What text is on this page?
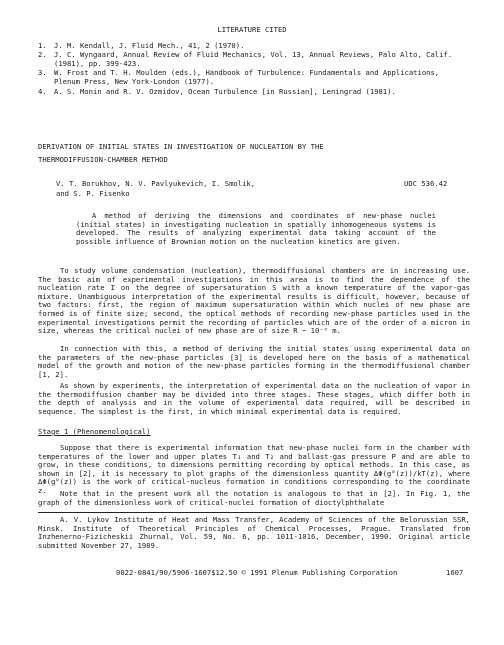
LITERATURE CITED
1. J. M. Kendall, J. Fluid Mech., 41, 2 (1970).
2. J. C. Wyngaard, Annual Review of Fluid Mechanics, Vol. 13, Annual Reviews, Palo Alto, Calif. (1981), pp. 399-423.
3. W. Frost and T. H. Moulden (eds.), Handbook of Turbulence: Fundamentals and Applications, Plenum Press, New York-London (1977).
4. A. S. Monin and R. V. Ozmidov, Ocean Turbulence [in Russian], Leningrad (1981).
DERIVATION OF INITIAL STATES IN INVESTIGATION OF NUCLEATION BY THE
THERMODIFFUSION-CHAMBER METHOD
V. T. Borukhov, N. V. Pavlyukevich, I. Smolik,
and S. P. Fisenko
UDC 536.42
A method of deriving the dimensions and coordinates of new-phase nuclei (initial states) in investigating nucleation in spatially inhomogeneous systems is developed. The results of analyzing experimental data taking account of the possible influence of Brownian motion on the nucleation kinetics are given.
To study volume condensation (nucleation), thermodiffusional chambers are in increasing use. The basic aim of experimental investigations in this area is to find the dependence of the nucleation rate I on the degree of supersaturation S with a known temperature of the vapor-gas mixture. Unambiguous interpretation of the experimental results is difficult, however, because of two factors: first, the region of maximum supersaturation within which nuclei of new phase are formed is of finite size; second, the optical methods of recording new-phase particles used in the experimental investigations permit the recording of particles which are of the order of a micron in size, whereas the critical nuclei of new phase are of size R ~ 10⁻⁹ m.
In connection with this, a method of deriving the initial states using experimental data on the parameters of the new-phase particles [3] is developed here on the basis of a mathematical model of the growth and motion of the new-phase particles forming in the thermodiffusional chamber [1, 2].
As shown by experiments, the interpretation of experimental data on the nucleation of vapor in the thermodiffusion chamber may be divided into three stages. These stages, which differ both in the depth of analysis and in the volume of experimental data required, will be described in sequence. The simplest is the first, in which minimal experimental data is required.
Stage 1 (Phenomenological)
Suppose that there is experimental information that new-phase nuclei form in the chamber with temperatures of the lower and upper plates T₁ and T₂ and ballast-gas pressure P and are able to grow, in these conditions, to dimensions permitting recording by optical methods. In this case, as shown in [2], it is necessary to plot graphs of the dimensionless quantity ΔΦ(g°(z))/kT(z), where ΔΦ(g°(z)) is the work of critical-nucleus formation in conditions corresponding to the coordinate z.	Note that in the present work all the notation is analogous to that in [2]. In Fig. 1, the graph of the dimensionless work of critical-nuclei formation of dioctylphthalate
A. V. Lykov Institute of Heat and Mass Transfer, Academy of Sciences of the Belorussian SSR, Minsk. Institute of Theoretical Principles of Chemical Processes, Prague. Translated from Inzhenerno-Fizicheskii Zhurnal, Vol. 59, No. 6, pp. 1011-1016, December, 1990. Original article submitted November 27, 1989.
0022-0841/90/5906-1607$12.50 © 1991 Plenum Publishing Corporation	1607
